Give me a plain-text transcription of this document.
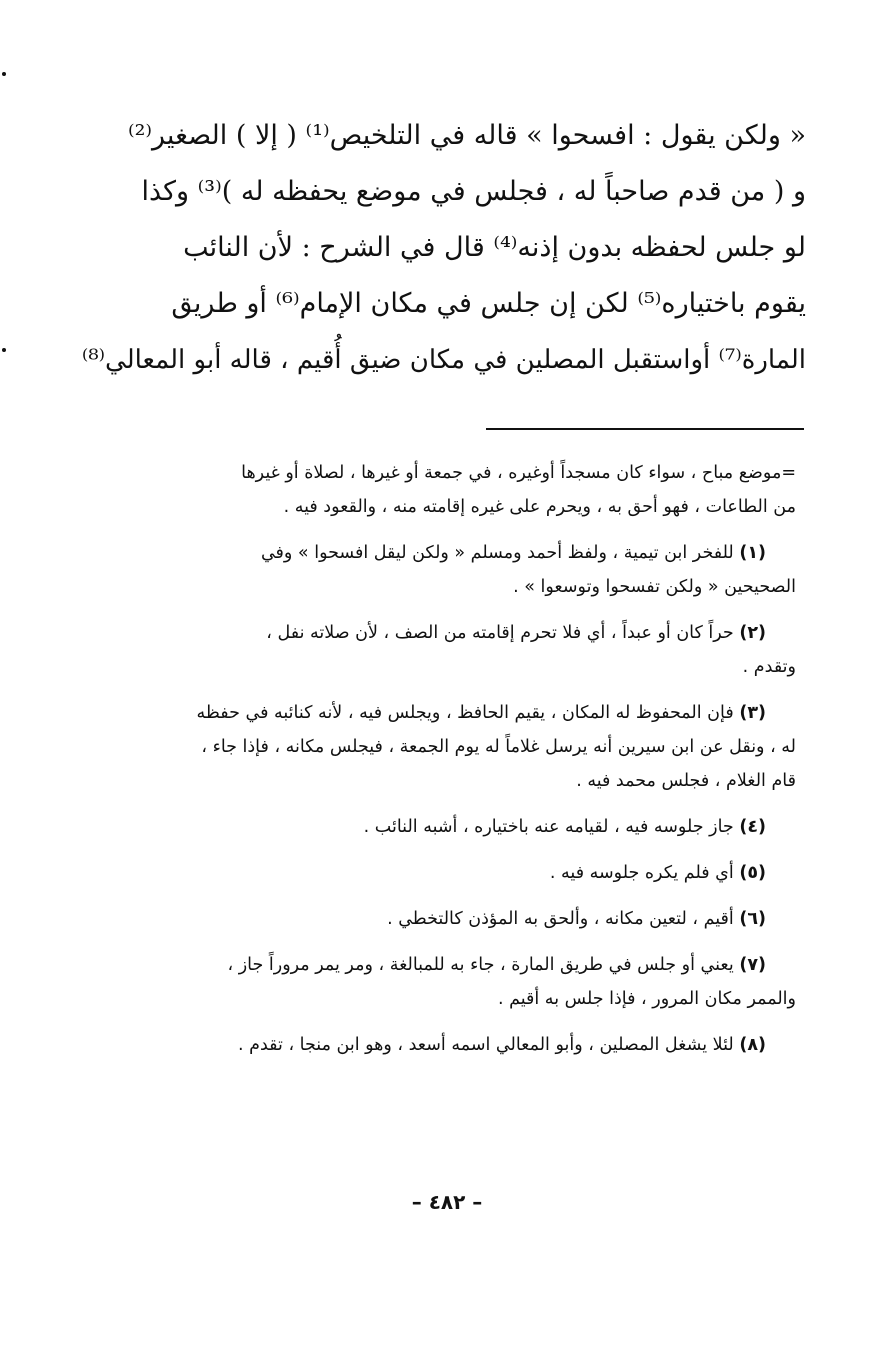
« ولكن يقول : افسحوا » قاله في التلخيص⁽¹⁾ ( إلا ) الصغير⁽²⁾
و ( من قدم صاحباً له ، فجلس في موضع يحفظه له )⁽³⁾ وكذا
لو جلس لحفظه بدون إذنه⁽⁴⁾ قال في الشرح : لأن النائب
يقوم باختياره⁽⁵⁾ لكن إن جلس في مكان الإمام⁽⁶⁾ أو طريق
المارة⁽⁷⁾ أواستقبل المصلين في مكان ضيق أُقيم ، قاله أبو المعالي⁽⁸⁾
=موضع مباح ، سواء كان مسجداً أوغيره ، في جمعة أو غيرها ، لصلاة أو غيرها
من الطاعات ، فهو أحق به ، ويحرم على غيره إقامته منه ، والقعود فيه .
(١) للفخر ابن تيمية ، ولفظ أحمد ومسلم « ولكن ليقل افسحوا » وفي
الصحيحين « ولكن تفسحوا وتوسعوا » .
(٢) حراً كان أو عبداً ، أي فلا تحرم إقامته من الصف ، لأن صلاته نفل ،
وتقدم .
(٣) فإن المحفوظ له المكان ، يقيم الحافظ ، ويجلس فيه ، لأنه كنائبه في حفظه
له ، ونقل عن ابن سيرين أنه يرسل غلاماً له يوم الجمعة ، فيجلس مكانه ، فإذا جاء ،
قام الغلام ، فجلس محمد فيه .
(٤) جاز جلوسه فيه ، لقيامه عنه باختياره ، أشبه النائب .
(٥) أي فلم يكره جلوسه فيه .
(٦) أقيم ، لتعين مكانه ، وألحق به المؤذن كالتخطي .
(٧) يعني أو جلس في طريق المارة ، جاء به للمبالغة ، ومر يمر مروراً جاز ،
والممر مكان المرور ، فإذا جلس به أقيم .
(٨) لئلا يشغل المصلين ، وأبو المعالي اسمه أسعد ، وهو ابن منجا ، تقدم .
– ٤٨٢ –
